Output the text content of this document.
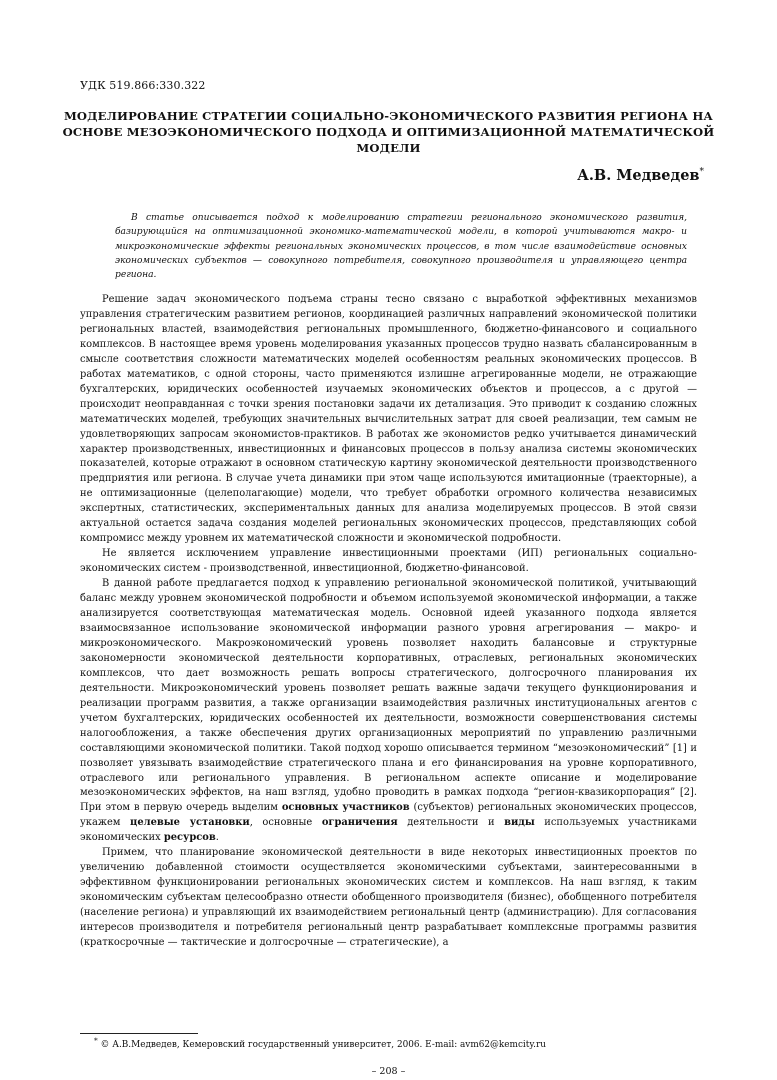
УДК 519.866:330.322
МОДЕЛИРОВАНИЕ СТРАТЕГИИ СОЦИАЛЬНО-ЭКОНОМИЧЕСКОГО РАЗВИТИЯ РЕГИОНА НА ОСНОВЕ МЕЗОЭКОНОМИЧЕСКОГО ПОДХОДА И ОПТИМИЗАЦИОННОЙ МАТЕМАТИЧЕСКОЙ МОДЕЛИ
А.В. Медведев*
В статье описывается подход к моделированию стратегии регионального экономического развития, базирующийся на оптимизационной экономико-математической модели, в которой учитываются макро- и микроэкономические эффекты региональных экономических процессов, в том числе взаимодействие основных экономических субъектов — совокупного потребителя, совокупного производителя и управляющего центра региона.

Решение задач экономического подъема страны тесно связано с выработкой эффективных механизмов управления стратегическим развитием регионов, координацией различных направлений экономической политики региональных властей, взаимодействия региональных промышленного, бюджетно-финансового и социального комплексов. В настоящее время уровень моделирования указанных процессов трудно назвать сбалансированным в смысле соответствия сложности математических моделей особенностям реальных экономических процессов. В работах математиков, с одной стороны, часто применяются излишне агрегированные модели, не отражающие бухгалтерских, юридических особенностей изучаемых экономических объектов и процессов, а с другой — происходит неоправданная с точки зрения постановки задачи их детализация. Это приводит к созданию сложных математических моделей, требующих значительных вычислительных затрат для своей реализации, тем самым не удовлетворяющих запросам экономистов-практиков. В работах же экономистов редко учитывается динамический характер производственных, инвестиционных и финансовых процессов в пользу анализа системы экономических показателей, которые отражают в основном статическую картину экономической деятельности производственного предприятия или региона. В случае учета динамики при этом чаще используются имитационные (траекторные), а не оптимизационные (целеполагающие) модели, что требует обработки огромного количества независимых экспертных, статистических, экспериментальных данных для анализа моделируемых процессов. В этой связи актуальной остается задача создания моделей региональных экономических процессов, представляющих собой компромисс между уровнем их математической сложности и экономической подробности.

Не является исключением управление инвестиционными проектами (ИП) региональных социально-экономических систем - производственной, инвестиционной, бюджетно-финансовой.

В данной работе предлагается подход к управлению региональной экономической политикой, учитывающий баланс между уровнем экономической подробности и объемом используемой экономической информации, а также анализируется соответствующая математическая модель. Основной идеей указанного подхода является взаимосвязанное использование экономической информации разного уровня агрегирования — макро- и микроэкономического. Макроэкономический уровень позволяет находить балансовые и структурные закономерности экономической деятельности корпоративных, отраслевых, региональных экономических комплексов, что дает возможность решать вопросы стратегического, долгосрочного планирования их деятельности. Микроэкономический уровень позволяет решать важные задачи текущего функционирования и реализации программ развития, а также организации взаимодействия различных институциональных агентов с учетом бухгалтерских, юридических особенностей их деятельности, возможности совершенствования системы налогообложения, а также обеспечения других организационных мероприятий по управлению различными составляющими экономической политики. Такой подход хорошо описывается термином “мезоэкономический” [1] и позволяет увязывать взаимодействие стратегического плана и его финансирования на уровне корпоративного, отраслевого или регионального управления. В региональном аспекте описание и моделирование мезоэкономических эффектов, на наш взгляд, удобно проводить в рамках подхода “регион-квазикорпорация” [2]. При этом в первую очередь выделим основных участников (субъектов) региональных экономических процессов, укажем целевые установки, основные ограничения деятельности и виды используемых участниками экономических ресурсов.

Примем, что планирование экономической деятельности в виде некоторых инвестиционных проектов по увеличению добавленной стоимости осуществляется экономическими субъектами, заинтересованными в эффективном функционировании региональных экономических систем и комплексов. На наш взгляд, к таким экономическим субъектам целесообразно отнести обобщенного производителя (бизнес), обобщенного потребителя (население региона) и управляющий их взаимодействием региональный центр (администрацию). Для согласования интересов производителя и потребителя региональный центр разрабатывает комплексные программы развития (краткосрочные — тактические и долгосрочные — стратегические), а

* © А.В.Медведев, Кемеровский государственный университет, 2006. E-mail: avm62@kemcity.ru
– 208 –
